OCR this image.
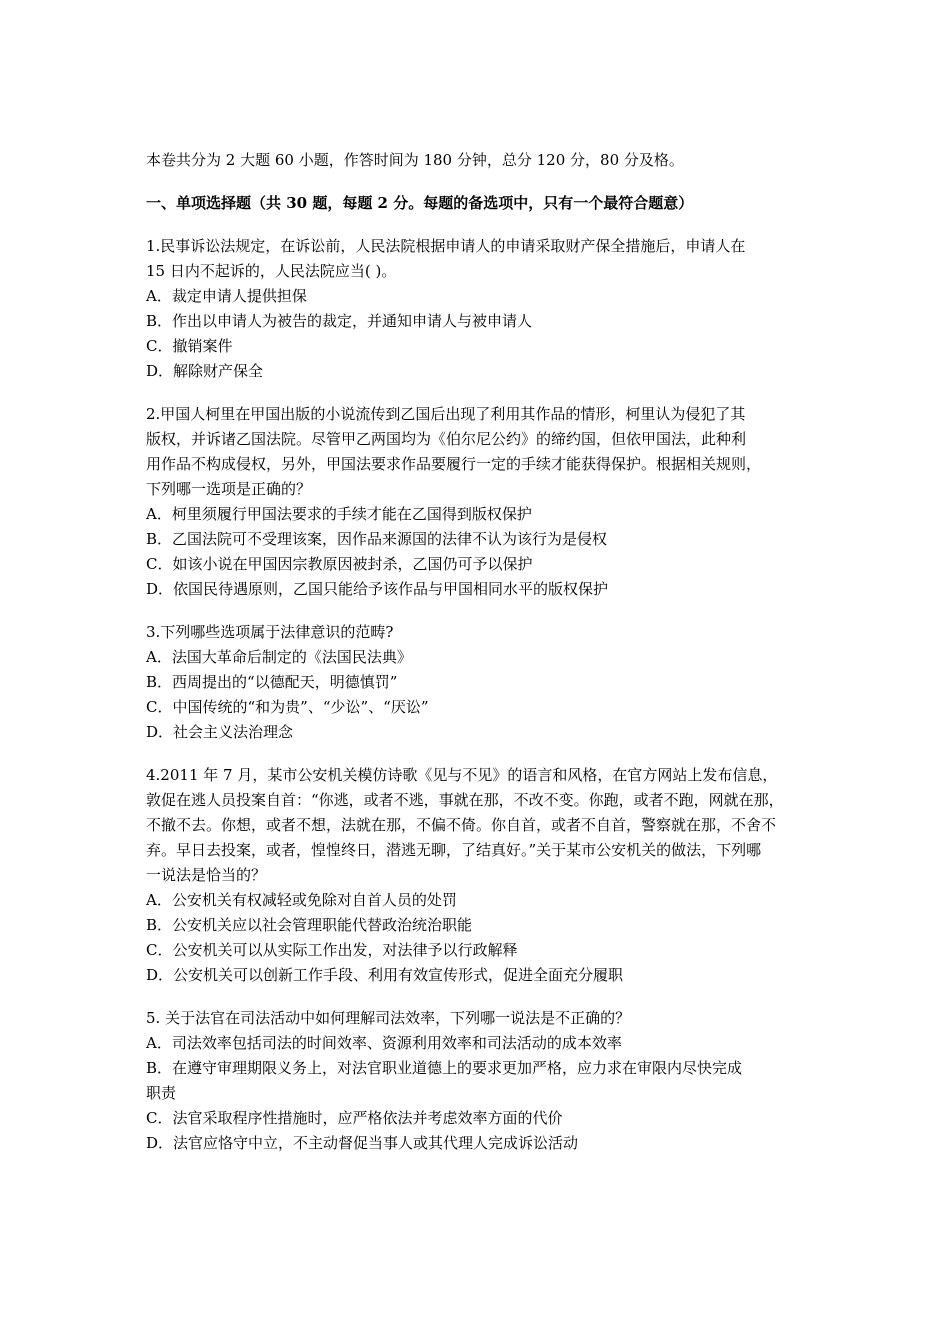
本卷共分为 2 大题 60 小题，作答时间为 180 分钟，总分 120 分，80 分及格。

一、单项选择题（共 30 题，每题 2 分。每题的备选项中，只有一个最符合题意）

1.民事诉讼法规定，在诉讼前，人民法院根据申请人的申请采取财产保全措施后，申请人在

15 日内不起诉的，人民法院应当( )。

A．裁定申请人提供担保

B．作出以申请人为被告的裁定，并通知申请人与被申请人

C．撤销案件

D．解除财产保全

2.甲国人柯里在甲国出版的小说流传到乙国后出现了利用其作品的情形，柯里认为侵犯了其

版权，并诉诸乙国法院。尽管甲乙两国均为《伯尔尼公约》的缔约国，但依甲国法，此种利

用作品不构成侵权，另外，甲国法要求作品要履行一定的手续才能获得保护。根据相关规则，

下列哪一选项是正确的？

A．柯里须履行甲国法要求的手续才能在乙国得到版权保护

B．乙国法院可不受理该案，因作品来源国的法律不认为该行为是侵权

C．如该小说在甲国因宗教原因被封杀，乙国仍可予以保护

D．依国民待遇原则，乙国只能给予该作品与甲国相同水平的版权保护

3.下列哪些选项属于法律意识的范畴?

A．法国大革命后制定的《法国民法典》

B．西周提出的“以德配天，明德慎罚”

C．中国传统的“和为贵”、“少讼”、“厌讼”

D．社会主义法治理念

4.2011 年 7 月，某市公安机关模仿诗歌《见与不见》的语言和风格，在官方网站上发布信息，

敦促在逃人员投案自首：“你逃，或者不逃，事就在那，不改不变。你跑，或者不跑，网就在那，

不撤不去。你想，或者不想，法就在那，不偏不倚。你自首，或者不自首，警察就在那，不舍不

弃。早日去投案，或者，惶惶终日，潜逃无聊，了结真好。”关于某市公安机关的做法，下列哪

一说法是恰当的？

A．公安机关有权减轻或免除对自首人员的处罚

B．公安机关应以社会管理职能代替政治统治职能

C．公安机关可以从实际工作出发，对法律予以行政解释

D．公安机关可以创新工作手段、利用有效宣传形式，促进全面充分履职

5. 关于法官在司法活动中如何理解司法效率，下列哪一说法是不正确的？

A．司法效率包括司法的时间效率、资源利用效率和司法活动的成本效率

B．在遵守审理期限义务上，对法官职业道德上的要求更加严格，应力求在审限内尽快完成

职责

C．法官采取程序性措施时，应严格依法并考虑效率方面的代价

D．法官应恪守中立，不主动督促当事人或其代理人完成诉讼活动
